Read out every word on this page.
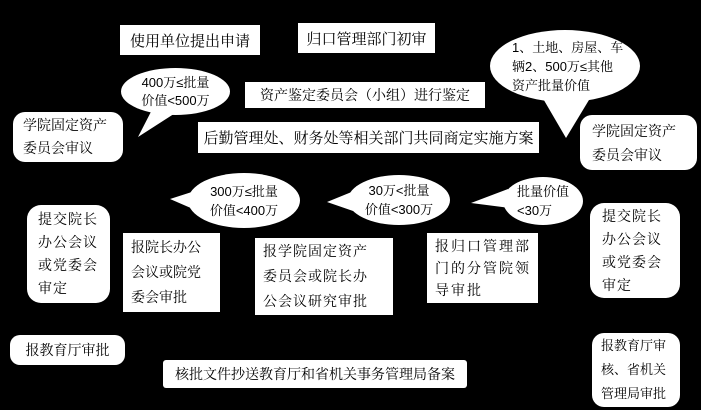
使用单位提出申请	归口管理部门初审
资产鉴定委员会（小组）进行鉴定
后勤管理处、财务处等相关部门共同商定实施方案
学院固定资产
委员会审议
学院固定资产
委员会审议
400万≤批量
价值<500万
300万≤批量
价值<400万
30万<批量
价值<300万
批量价值
<30万
1、土地、房屋、车
辆2、500万≤其他
资产批量价值
提交院长
办公会议
或党委会
审定
报院长办公
会议或院党
委会审批
报学院固定资产
委员会或院长办
公会议研究审批
报归口管理部
门的分管院领
导审批
提交院长
办公会议
或党委会
审定
报教育厅审批
核批文件抄送教育厅和省机关事务管理局备案
报教育厅审
核、省机关
管理局审批
